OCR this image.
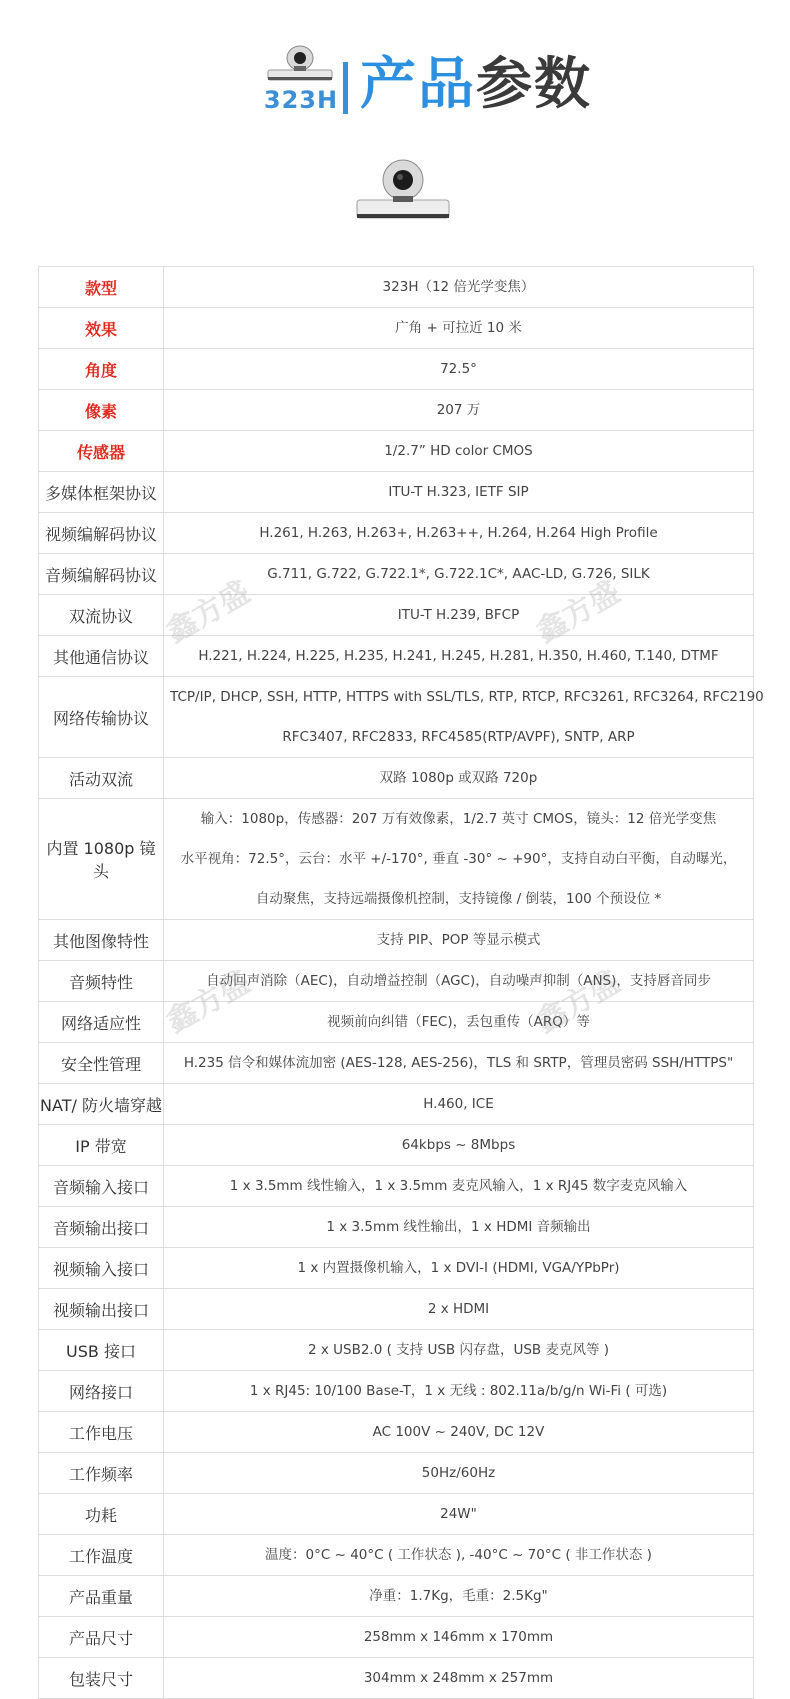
323H 产品参数
款型	323H（12 倍光学变焦）

效果	广角 + 可拉近 10 米

角度	72.5°

像素	207 万

传感器	1/2.7” HD color CMOS

多媒体框架协议	ITU-T H.323, IETF SIP

视频编解码协议	H.261, H.263, H.263+, H.263++, H.264, H.264 High Profile

音频编解码协议	G.711, G.722, G.722.1*, G.722.1C*, AAC-LD, G.726, SILK

双流协议	ITU-T H.239, BFCP

其他通信协议	H.221, H.224, H.225, H.235, H.241, H.245, H.281, H.350, H.460, T.140, DTMF

网络传输协议	TCP/IP, DHCP, SSH, HTTP, HTTPS with SSL/TLS, RTP, RTCP, RFC3261, RFC3264, RFC2190
RFC3407, RFC2833, RFC4585(RTP/AVPF), SNTP, ARP

活动双流	双路 1080p 或双路 720p

内置 1080p 镜头	输入：1080p，传感器：207 万有效像素，1/2.7 英寸 CMOS，镜头：12 倍光学变焦
水平视角：72.5°，云台：水平 +/-170°, 垂直 -30° ~ +90°，支持自动白平衡，自动曝光，
自动聚焦，支持远端摄像机控制，支持镜像 / 倒装，100 个预设位 *

其他图像特性	支持 PIP、POP 等显示模式

音频特性	自动回声消除（AEC)，自动增益控制（AGC)，自动噪声抑制（ANS)，支持唇音同步

网络适应性	视频前向纠错（FEC)，丢包重传（ARQ）等

安全性管理	H.235 信令和媒体流加密 (AES-128, AES-256)，TLS 和 SRTP，管理员密码 SSH/HTTPS"

NAT/ 防火墙穿越	H.460, ICE

IP 带宽	64kbps ~ 8Mbps

音频输入接口	1 x 3.5mm 线性输入，1 x 3.5mm 麦克风输入，1 x RJ45 数字麦克风输入

音频输出接口	1 x 3.5mm 线性输出，1 x HDMI 音频输出

视频输入接口	1 x 内置摄像机输入，1 x DVI-I (HDMI, VGA/YPbPr)

视频输出接口	2 x HDMI

USB 接口	2 x USB2.0 ( 支持 USB 闪存盘，USB 麦克风等 )

网络接口	1 x RJ45: 10/100 Base-T，1 x 无线 : 802.11a/b/g/n Wi-Fi ( 可选)

工作电压	AC 100V ~ 240V, DC 12V

工作频率	50Hz/60Hz

功耗	24W"

工作温度	温度：0°C ~ 40°C ( 工作状态 ), -40°C ~ 70°C ( 非工作状态 )

产品重量	净重：1.7Kg，毛重：2.5Kg"

产品尺寸	258mm x 146mm x 170mm

包装尺寸	304mm x 248mm x 257mm
鑫方盛	鑫方盛
鑫方盛	鑫方盛
